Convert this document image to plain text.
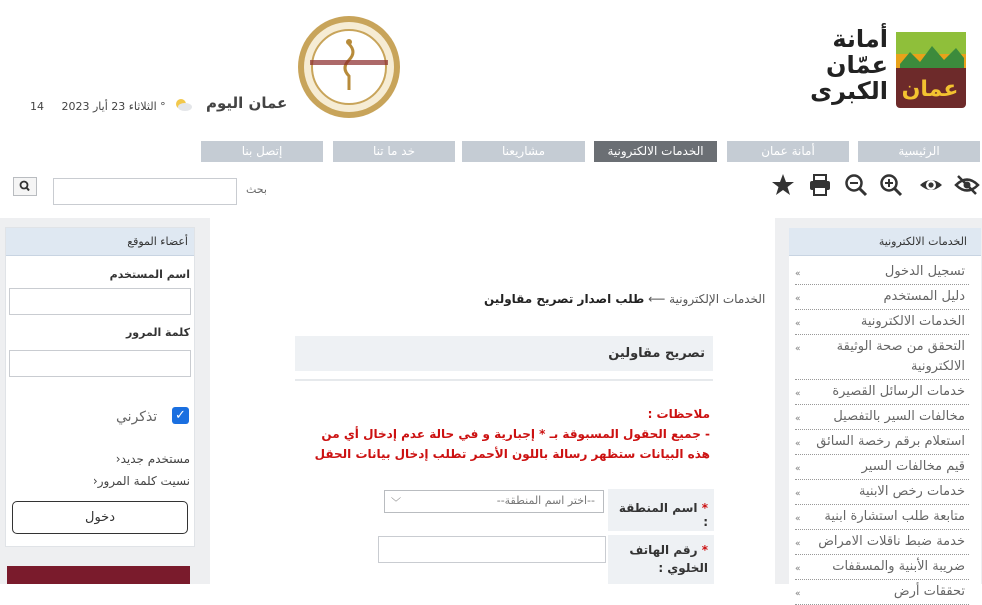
عمان
أمانة
عمّان
الكبرى
عمان اليوم
الثلاثاء 23 أيار 2023     14 °
الرئيسية
أمانة عمان
الخدمات الالكترونية
مشاريعنا
خد ما تنا
إتصل بنا
بحث
الخدمات الالكترونية
«	تسجيل الدخول
«	دليل المستخدم
«	الخدمات الالكترونية
«	التحقق من صحة الوثيقة الالكترونية
« خدمات الرسائل القصيرة
«	مخالفات السير بالتفصيل
« استعلام برقم رخصة السائق
«	قيم مخالفات السير
«	خدمات رخص الابنية
« متابعة طلب استشارة ابنية
« خدمة ضبط ناقلات الامراض
« ضريبة الأبنية والمسقفات
«	تحققات أرض
أعضاء الموقع
اسم المستخدم
كلمة المرور
✓
تذكرني
›مستخدم جديد
›نسيت كلمة المرور
دخول
الخدمات الإلكترونية ⟵ طلب اصدار تصريح مقاولين
تصريح مقاولين
ملاحظات :
- جميع الحقول المسبوقة بـ * إجبارية و في حالة عدم إدخال أي من هذه البيانات ستظهر رسالة باللون الأحمر تطلب إدخال بيانات الحقل
* اسم المنطقة :
--اختر اسم المنطقة--
﹀
* رقم الهاتف الخلوي :
